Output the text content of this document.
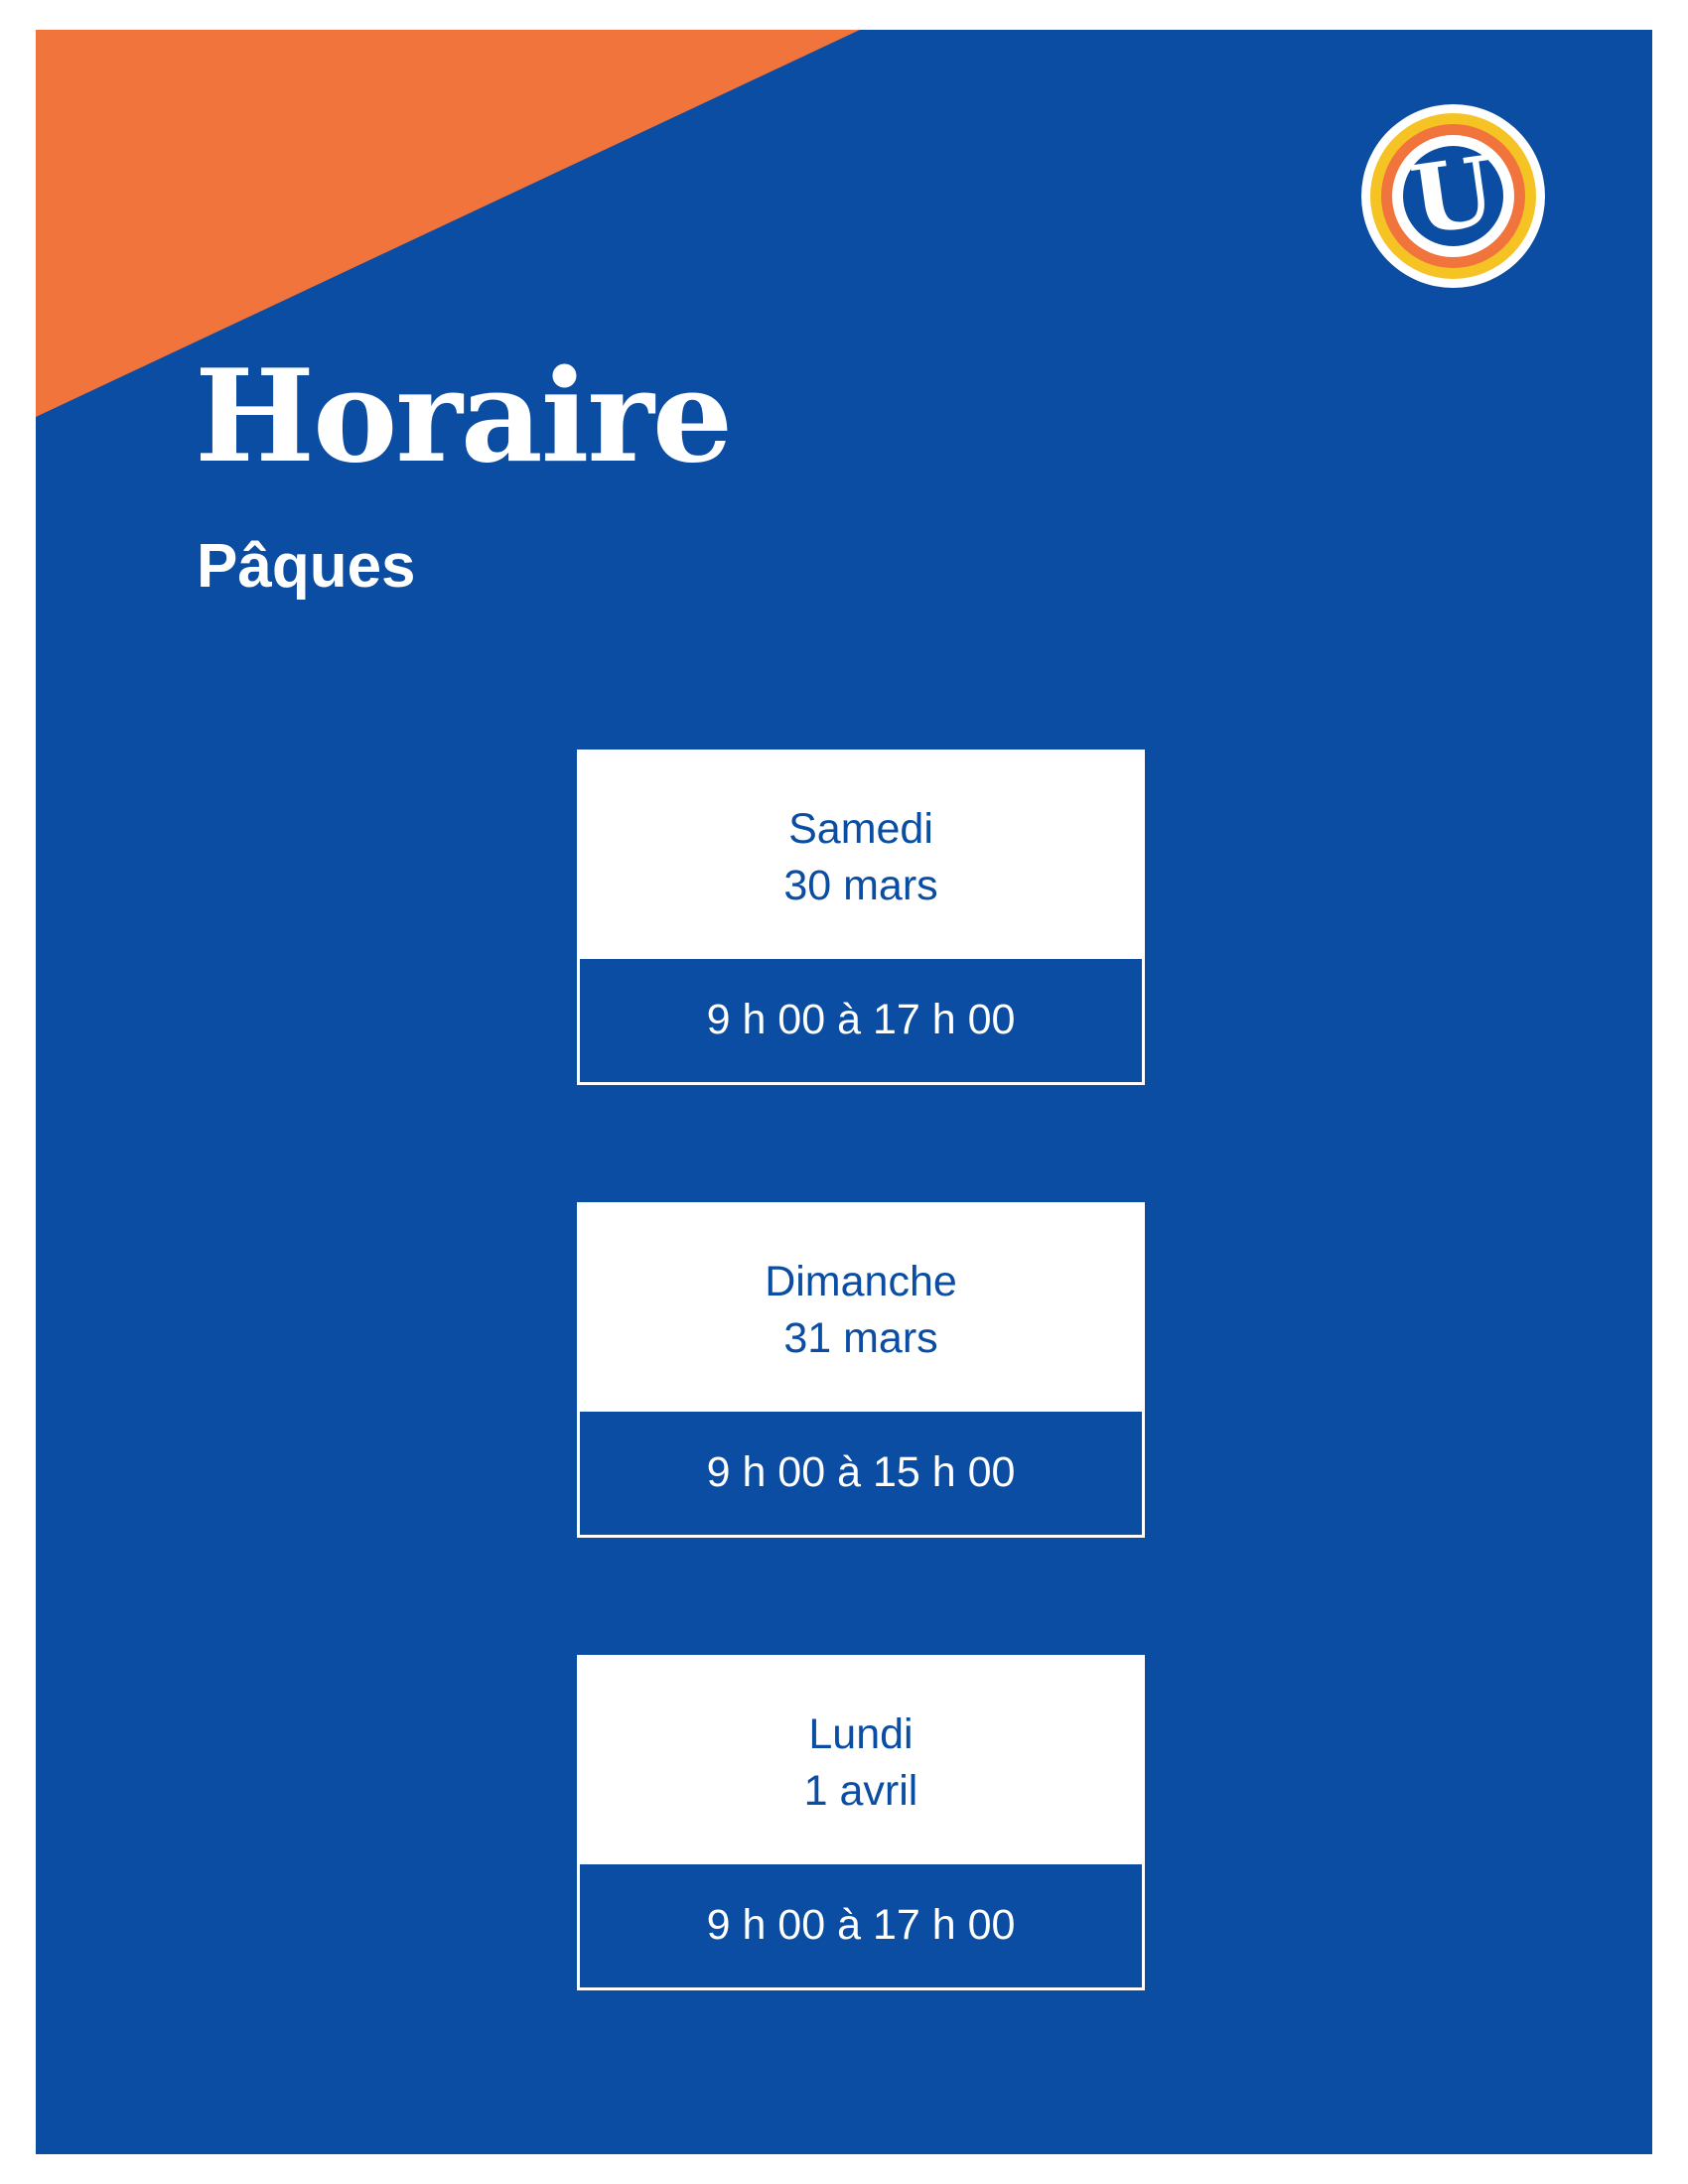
U
Horaire
Pâques
Samedi
30 mars
9 h 00 à 17 h 00
Dimanche
31 mars
9 h 00 à 15 h 00
Lundi
1 avril
9 h 00 à 17 h 00
